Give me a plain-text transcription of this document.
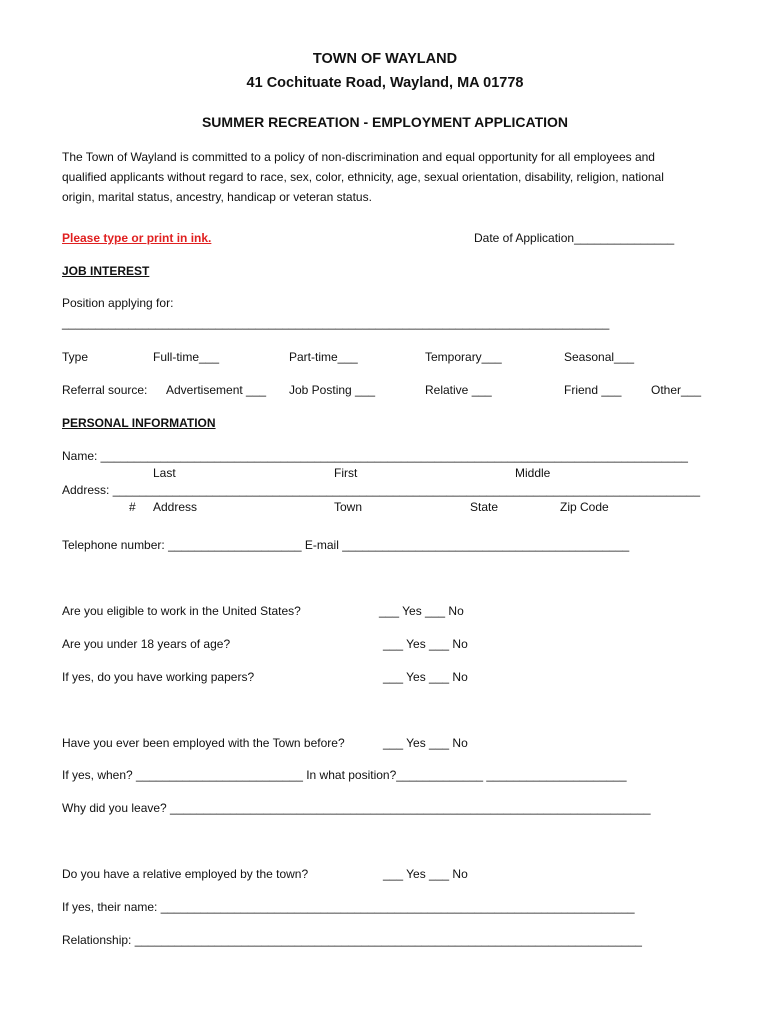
TOWN OF WAYLAND
41 Cochituate Road, Wayland, MA 01778
SUMMER RECREATION - EMPLOYMENT APPLICATION
The Town of Wayland is committed to a policy of non-discrimination and equal opportunity for all employees and
qualified applicants without regard to race, sex, color, ethnicity, age, sexual orientation, disability, religion, national
origin, marital status, ancestry, handicap or veteran status.
Please type or print in ink.	Date of Application_______________
JOB INTEREST
Position applying for:
__________________________________________________________________________________
Type	Full-time___	Part-time___	Temporary___	Seasonal___
Referral source: Advertisement ___ Job Posting ___	Relative ___	Friend ___ Other___
PERSONAL INFORMATION
Name: ________________________________________________________________________________________
Last	First	Middle
Address: ________________________________________________________________________________________
# Address	Town	State	Zip Code
Telephone number: ____________________ E-mail ___________________________________________
Are you eligible to work in the United States?	___ Yes ___ No
Are you under 18 years of age?	___ Yes ___ No
If yes, do you have working papers?	___ Yes ___ No
Have you ever been employed with the Town before?	___ Yes ___ No
If yes, when? _________________________ In what position?_____________ _____________________
Why did you leave? ________________________________________________________________________
Do you have a relative employed by the town?	___ Yes ___ No
If yes, their name: _______________________________________________________________________
Relationship: ____________________________________________________________________________
